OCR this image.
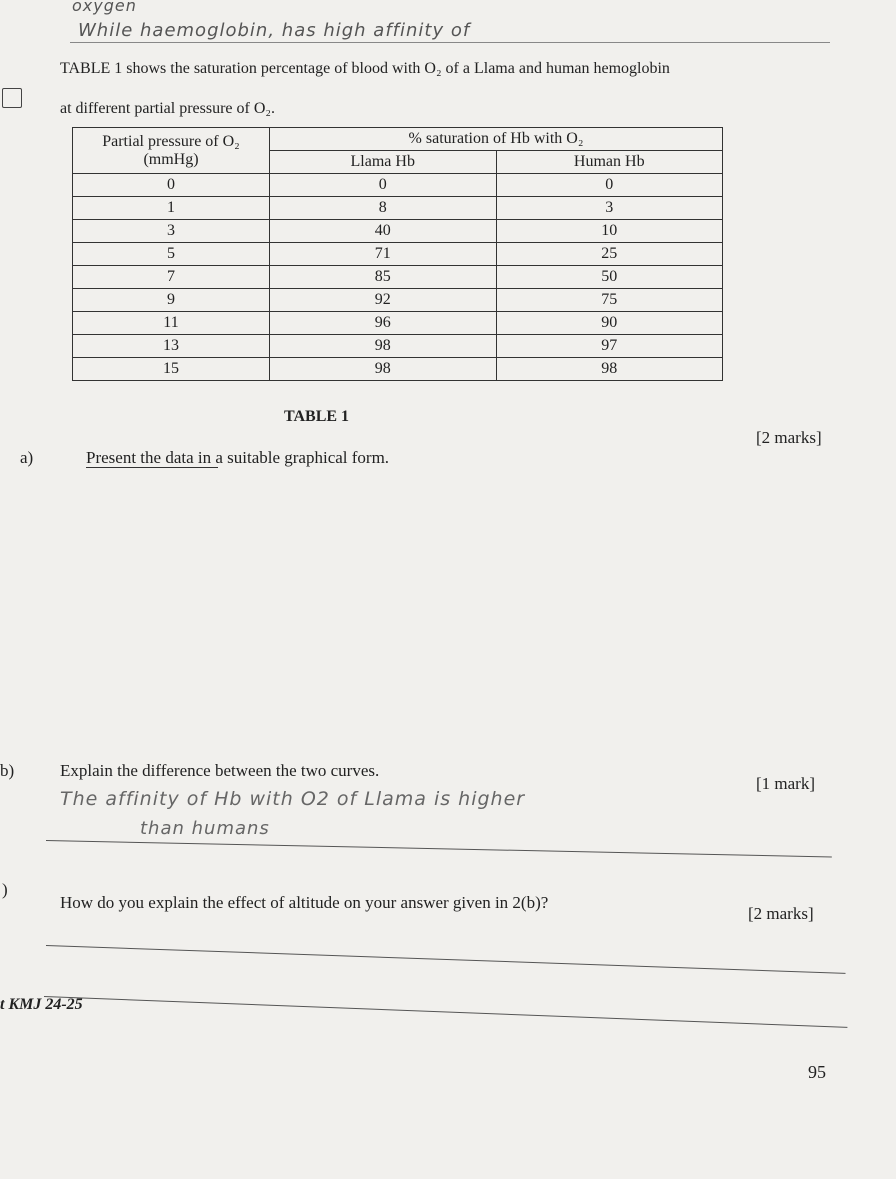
oxygen
While haemoglobin, has high affinity of
TABLE 1 shows the saturation percentage of blood with O₂ of a Llama and human hemoglobin
at different partial pressure of O₂.
Partial pressure of O₂
(mmHg)	% saturation of Hb with O₂	
	Llama Hb	Human Hb
0	0	0
1	8	3
3	40	10
5	71	25
7	85	50
9	92	75
11	96	90
13	98	97
15	98	98
TABLE 1
a)	Present the data in a suitable graphical form.
[2 marks]
b)	Explain the difference between the two curves.
[1 mark]
The affinity of Hb with O2 of Llama is higher
than humans
)
How do you explain the effect of altitude on your answer given in 2(b)?
[2 marks]
t KMJ 24-25
95
